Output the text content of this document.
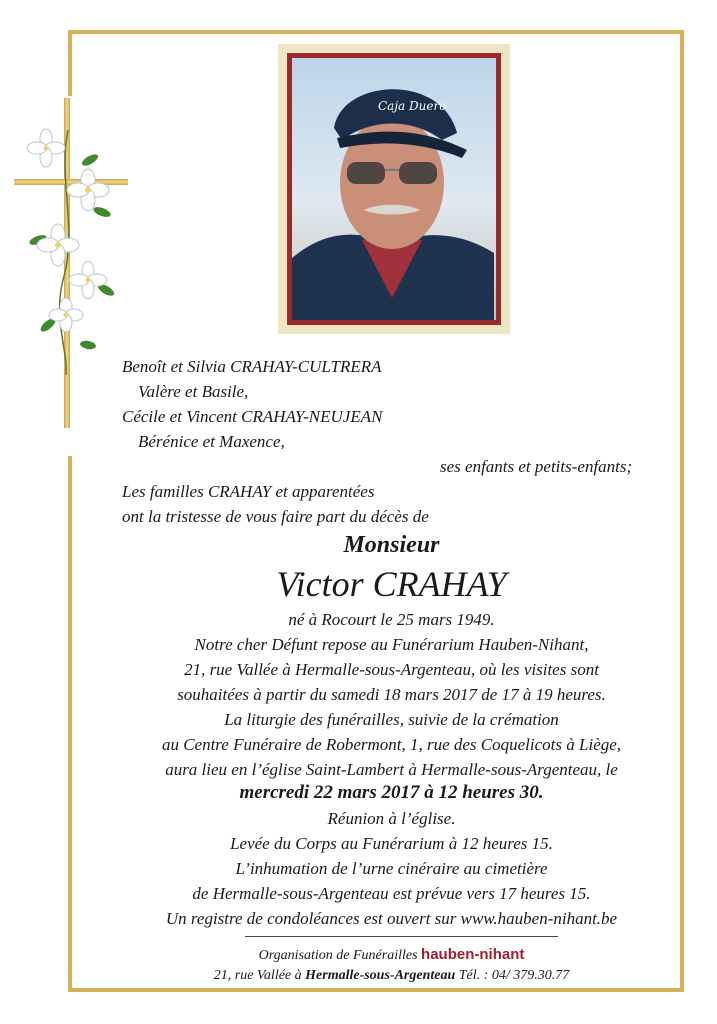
Caja Duero
Benoît et Silvia CRAHAY-CULTRERA
Valère et Basile,
Cécile et Vincent CRAHAY-NEUJEAN
Bérénice et Maxence,
ses enfants et petits-enfants;
Les familles CRAHAY et apparentées
ont la tristesse de vous faire part du décès de
Monsieur
Victor CRAHAY
né à Rocourt le 25 mars 1949.
Notre cher Défunt repose au Funérarium Hauben-Nihant,
21, rue Vallée à Hermalle-sous-Argenteau, où les visites sont
souhaitées à partir du samedi 18 mars 2017 de 17 à 19 heures.
La liturgie des funérailles, suivie de la crémation
au Centre Funéraire de Robermont, 1, rue des Coquelicots à Liège,
aura lieu en l’église Saint-Lambert à Hermalle-sous-Argenteau, le
mercredi 22 mars 2017 à 12 heures 30.
Réunion à l’église.
Levée du Corps au Funérarium à 12 heures 15.
L’inhumation de l’urne cinéraire au cimetière
de Hermalle-sous-Argenteau est prévue vers 17 heures 15.
Un registre de condoléances est ouvert sur www.hauben-nihant.be
Organisation de Funérailles hauben-nihant
21, rue Vallée à Hermalle-sous-Argenteau Tél. : 04/ 379.30.77
